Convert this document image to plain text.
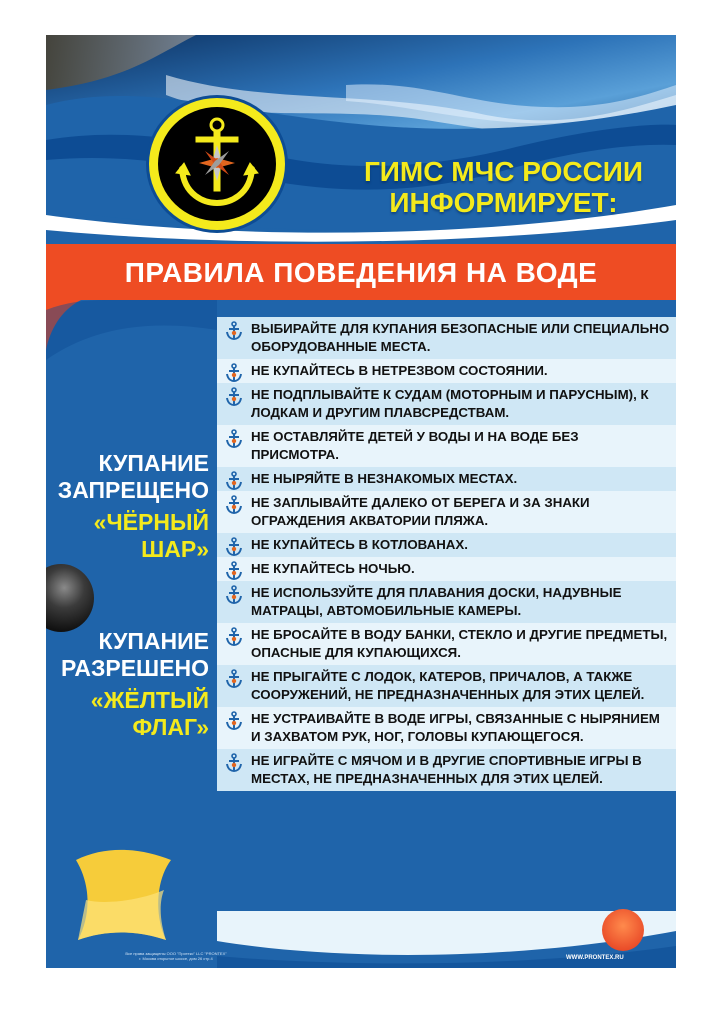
ГИМС МЧС РОССИИ
ИНФОРМИРУЕТ:
ПРАВИЛА ПОВЕДЕНИЯ НА ВОДЕ

КУПАНИЕ
ЗАПРЕЩЕНО

«ЧЁРНЫЙ
ШАР»

КУПАНИЕ
РАЗРЕШЕНО

«ЖЁЛТЫЙ
ФЛАГ»

ВЫБИРАЙТЕ ДЛЯ КУПАНИЯ БЕЗОПАСНЫЕ ИЛИ СПЕЦИАЛЬНО ОБОРУДОВАННЫЕ МЕСТА.
НЕ КУПАЙТЕСЬ В НЕТРЕЗВОМ СОСТОЯНИИ.
НЕ ПОДПЛЫВАЙТЕ К СУДАМ (МОТОРНЫМ И ПАРУСНЫМ), К ЛОДКАМ И ДРУГИМ ПЛАВСРЕДСТВАМ.
НЕ ОСТАВЛЯЙТЕ ДЕТЕЙ У ВОДЫ И НА ВОДЕ БЕЗ ПРИСМОТРА.
НЕ НЫРЯЙТЕ В НЕЗНАКОМЫХ МЕСТАХ.
НЕ ЗАПЛЫВАЙТЕ ДАЛЕКО ОТ БЕРЕГА И ЗА ЗНАКИ ОГРАЖДЕНИЯ АКВАТОРИИ ПЛЯЖА.
НЕ КУПАЙТЕСЬ В КОТЛОВАНАХ.
НЕ КУПАЙТЕСЬ НОЧЬЮ.
НЕ ИСПОЛЬЗУЙТЕ ДЛЯ ПЛАВАНИЯ ДОСКИ, НАДУВНЫЕ МАТРАЦЫ, АВТОМОБИЛЬНЫЕ КАМЕРЫ.
НЕ БРОСАЙТЕ В ВОДУ БАНКИ, СТЕКЛО И ДРУГИЕ ПРЕДМЕТЫ, ОПАСНЫЕ ДЛЯ КУПАЮЩИХСЯ.
НЕ ПРЫГАЙТЕ С ЛОДОК, КАТЕРОВ, ПРИЧАЛОВ, А ТАКЖЕ СООРУЖЕНИЙ, НЕ ПРЕДНАЗНАЧЕННЫХ ДЛЯ ЭТИХ ЦЕЛЕЙ.
НЕ УСТРАИВАЙТЕ В ВОДЕ ИГРЫ, СВЯЗАННЫЕ С НЫРЯНИЕМ И ЗАХВАТОМ РУК, НОГ, ГОЛОВЫ КУПАЮЩЕГОСЯ.
НЕ ИГРАЙТЕ С МЯЧОМ И В ДРУГИЕ СПОРТИВНЫЕ ИГРЫ В МЕСТАХ, НЕ ПРЕДНАЗНАЧЕННЫХ ДЛЯ ЭТИХ ЦЕЛЕЙ.

Все права защищены ООО "Протекс" LLC "PRONTEX"
г. Москва открытое шоссе, дом 26 стр.4	WWW.PRONTEX.RU
